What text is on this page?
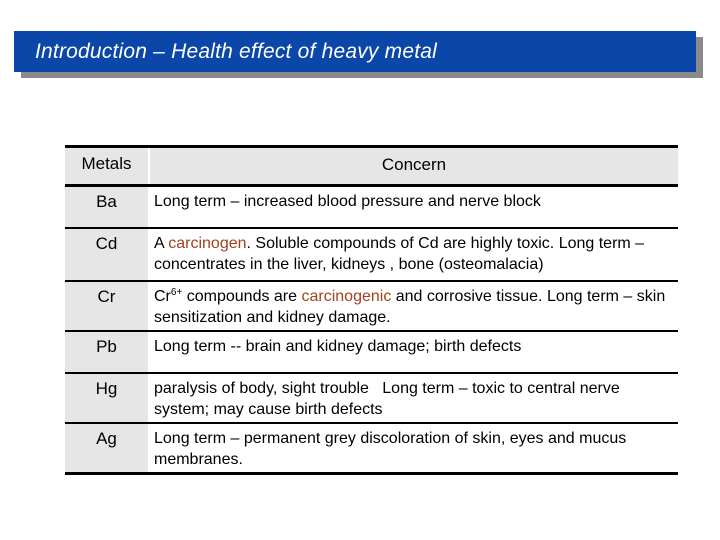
Introduction – Health effect of heavy metal
Metals	Concern
Ba	Long term – increased blood pressure and nerve block
Cd	A carcinogen. Soluble compounds of Cd are highly toxic. Long term – concentrates in the liver, kidneys , bone (osteomalacia)
Cr	$Cr^{6+}$ compounds are carcinogenic and corrosive tissue. Long term – skin sensitization and kidney damage.
Pb	Long term -- brain and kidney damage; birth defects
Hg	paralysis of body, sight trouble   Long term – toxic to central nerve system; may cause birth defects
Ag	Long term – permanent grey discoloration of skin, eyes and mucus membranes.
